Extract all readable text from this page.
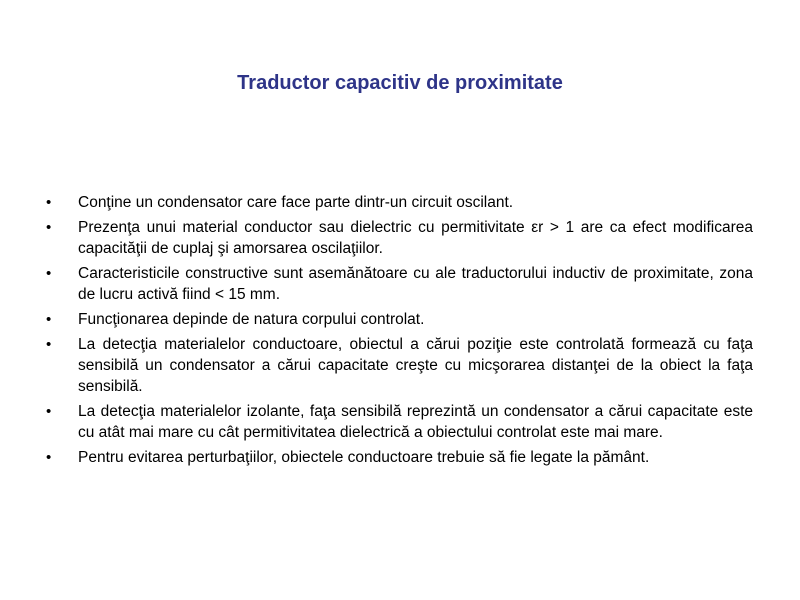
Traductor capacitiv de proximitate
•	Conţine un condensator care face parte dintr-un circuit oscilant.
•	Prezenţa unui material conductor sau dielectric cu permitivitate εr > 1 are ca efect modificarea capacităţii de cuplaj şi amorsarea oscilaţiilor.
•	Caracteristicile constructive sunt asemănătoare cu ale traductorului inductiv de proximitate, zona de lucru activă fiind < 15 mm.
•	Funcţionarea depinde de natura corpului controlat.
•	La detecţia materialelor conductoare, obiectul a cărui poziţie este controlată formează cu faţa sensibilă un condensator a cărui capacitate creşte cu micşorarea distanţei de la obiect la faţa sensibilă.
•	La detecţia materialelor izolante, faţa sensibilă reprezintă un condensator a cărui capacitate este cu atât mai mare cu cât permitivitatea dielectrică a obiectului controlat este mai mare.
•	Pentru evitarea perturbaţiilor, obiectele conductoare trebuie să fie legate la pământ.
